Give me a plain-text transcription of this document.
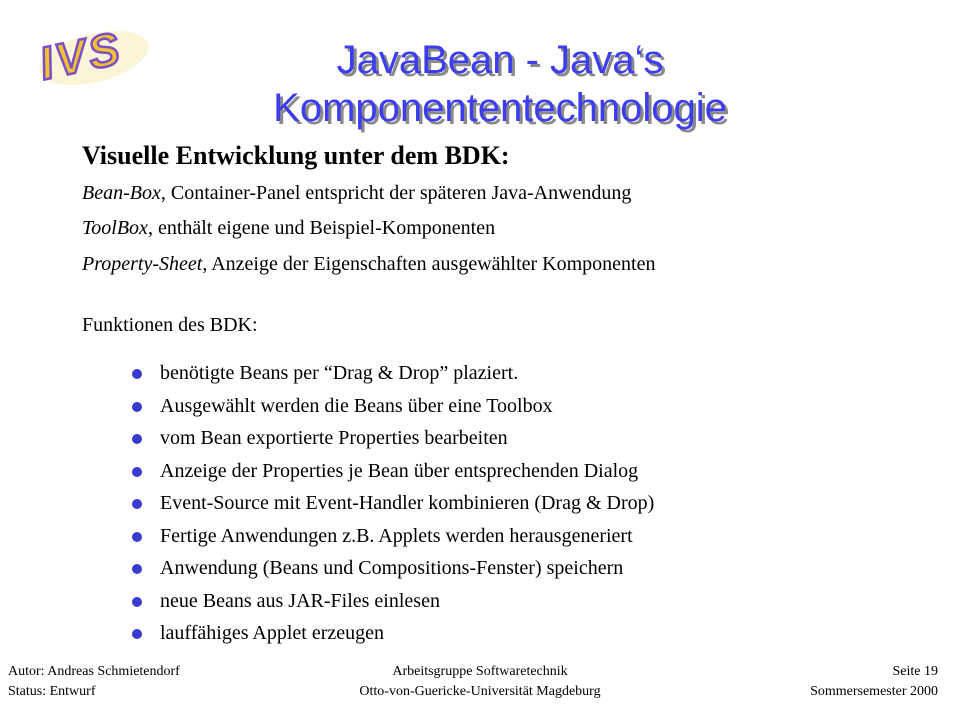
IVS	JavaBean - Java‘s
Komponententechnologie
Visuelle Entwicklung unter dem BDK:
Bean-Box, Container-Panel entspricht der späteren Java-Anwendung
ToolBox, enthält eigene und Beispiel-Komponenten
Property-Sheet, Anzeige der Eigenschaften ausgewählter Komponenten
Funktionen des BDK:
benötigte Beans per “Drag & Drop” plaziert.
Ausgewählt werden die Beans über eine Toolbox
vom Bean exportierte Properties bearbeiten
Anzeige der Properties je Bean über entsprechenden Dialog
Event-Source mit Event-Handler kombinieren (Drag & Drop)
Fertige Anwendungen z.B. Applets werden herausgeneriert
Anwendung (Beans und Compositions-Fenster) speichern
neue Beans aus JAR-Files einlesen
lauffähiges Applet erzeugen
Autor: Andreas Schmietendorf
Status: Entwurf
Arbeitsgruppe Softwaretechnik
Otto-von-Guericke-Universität Magdeburg
Seite 19
Sommersemester 2000
